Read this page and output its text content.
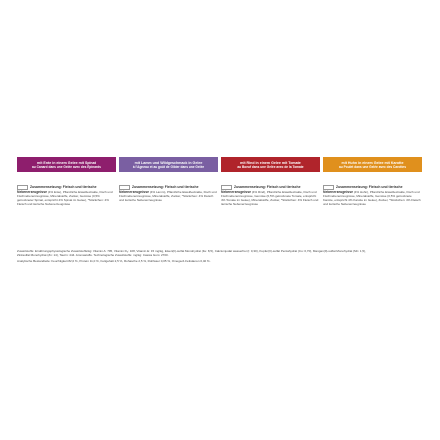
mit Ente in einem Gelee mit Spinat
au Canard dans une Gelée avec des Épinards
Zusammensetzung: Fleisch und tierische Nebenerzeugnisse (4% Ente), Pflanzliche Eiweißextrakte, Fisch und Fischnebenerzeugnisse, Mineralstoffe, Zucker, Gemüse (0,5% getrockneter Spinat, entspricht 4% Spinat im Gelee), *Stückchen: 4% Fleisch und tierische Nebenerzeugnisse
mit Lamm und Wildgeschmack in Gelee
à l'Agneau et au goût de Gibier dans une Gelée
Zusammensetzung: Fleisch und tierische Nebenerzeugnisse (4% Lamm), Pflanzliche Eiweißextrakte, Fisch und Fischnebenerzeugnisse, Mineralstoffe, Zucker, *Stückchen: 4% Fleisch und tierische Nebenerzeugnisse
mit Rind in einem Gelee mit Tomate
au Boeuf dans une Gelée avec de la Tomate
Zusammensetzung: Fleisch und tierische Nebenerzeugnisse (4% Rind), Pflanzliche Eiweißextrakte, Fisch und Fischnebenerzeugnisse, Gemüse (0,5% getrocknete Tomate, entspricht 4% Tomate im Gelee), Mineralstoffe, Zucker, *Stückchen: 4% Fleisch und tierische Nebenerzeugnisse
mit Huhn in einem Gelee mit Karotte
au Poulet dans une Gelée avec des Carottes
Zusammensetzung: Fleisch und tierische Nebenerzeugnisse (4% Huhn), Pflanzliche Eiweißextrakte, Fisch und Fischnebenerzeugnisse, Mineralstoffe, Gemüse (0,5% getrocknete Karotte, entspricht 4% Karotte im Gelee), Zucker, *Stückchen: 4% Fleisch und tierische Nebenerzeugnisse

Zusatzstoffe: Ernährungsphysiologische Zusatzstoffe/kg: Vitamin A: 795, Vitamin D₃: 108, Vitamin E: 15 mg/kg, Eisen(II)-sulfat Monohydrat (Fe: 8,5), Calciumjodat wasserfrei (I: 0,30), Kupfer(II)-sulfat Pentahydrat (Cu: 0,70), Mangan(II)-sulfat Monohydrat (Mn: 1,5),

Zinksulfat Monohydrat (Zn: 14), Taurin: 444. Aromastoffe. Technologische Zusatzstoffe: mg/kg: Cassia Gum: 2700.

Analytische Bestandteile: Feuchtigkeit 82,0 %, Protein 11,0 %, Fettgehalt 2,5 %, Rohasche 2,5 %, Rohfaser 0,05 %, Omega-6-Fettsäuren 0,40 %.
